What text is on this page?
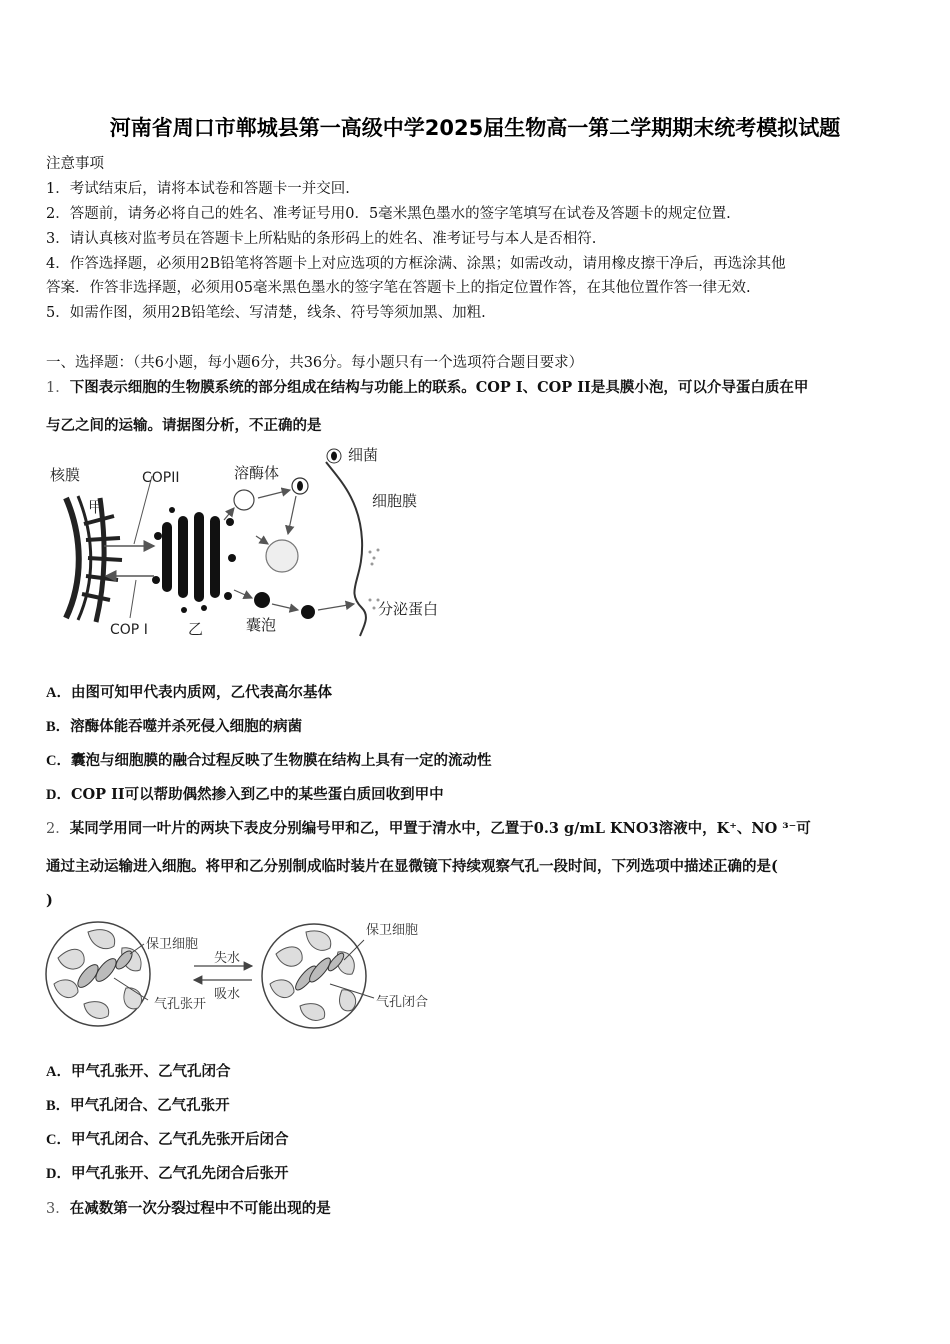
河南省周口市郸城县第一高级中学2025届生物高一第二学期期末统考模拟试题
注意事项
1．考试结束后，请将本试卷和答题卡一并交回.
2．答题前，请务必将自己的姓名、准考证号用0．5毫米黑色墨水的签字笔填写在试卷及答题卡的规定位置.
3．请认真核对监考员在答题卡上所粘贴的条形码上的姓名、准考证号与本人是否相符.
4．作答选择题，必须用2B铅笔将答题卡上对应选项的方框涂满、涂黑；如需改动，请用橡皮擦干净后，再选涂其他
答案．作答非选择题，必须用05毫米黑色墨水的签字笔在答题卡上的指定位置作答，在其他位置作答一律无效.
5．如需作图，须用2B铅笔绘、写清楚，线条、符号等须加黑、加粗.
一、选择题：（共6小题，每小题6分，共36分。每小题只有一个选项符合题目要求）
1．下图表示细胞的生物膜系统的部分组成在结构与功能上的联系。COP I、COP II是具膜小泡，可以介导蛋白质在甲
与乙之间的运输。请据图分析，不正确的是
核膜
甲
COPII
COP I	乙
溶酶体
细菌
细胞膜
囊泡
分泌蛋白
A．由图可知甲代表内质网，乙代表高尔基体
B．溶酶体能吞噬并杀死侵入细胞的病菌
C．囊泡与细胞膜的融合过程反映了生物膜在结构上具有一定的流动性
D．COP II可以帮助偶然掺入到乙中的某些蛋白质回收到甲中
2．某同学用同一叶片的两块下表皮分别编号甲和乙，甲置于清水中，乙置于0.3 g/mL KNO3溶液中，K⁺、NO ³⁻可
通过主动运输进入细胞。将甲和乙分别制成临时装片在显微镜下持续观察气孔一段时间，下列选项中描述正确的是(
)
保卫细胞
气孔张开
失水
吸水
保卫细胞
气孔闭合
A．甲气孔张开、乙气孔闭合
B．甲气孔闭合、乙气孔张开
C．甲气孔闭合、乙气孔先张开后闭合
D．甲气孔张开、乙气孔先闭合后张开
3．在减数第一次分裂过程中不可能出现的是
